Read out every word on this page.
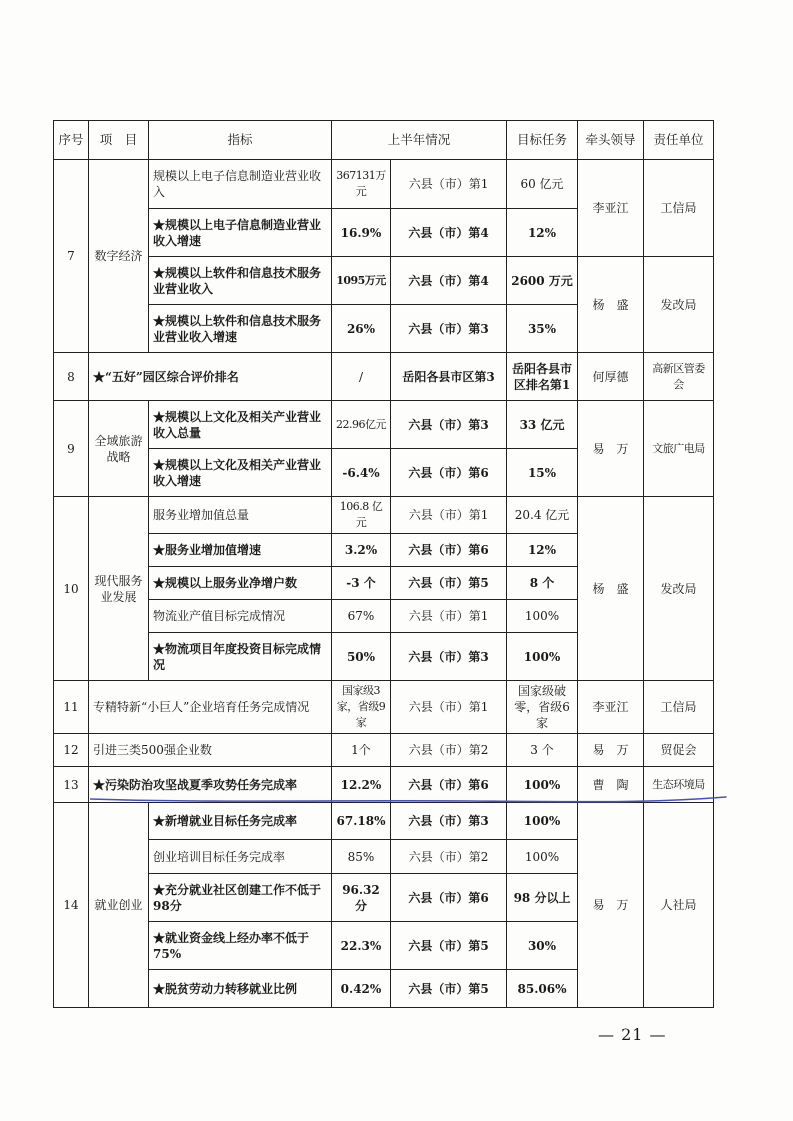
序号	项　目	指标	上半年情况		目标任务	牵头领导	责任单位
7	数字经济	规模以上电子信息制造业营业收入	367131万元	六县（市）第1	60 亿元	李亚江	工信局
		★规模以上电子信息制造业营业收入增速	16.9%	六县（市）第4	12%		
		★规模以上软件和信息技术服务业营业收入	1095万元	六县（市）第4	2600 万元	杨　盛	发改局
		★规模以上软件和信息技术服务业营业收入增速	26%	六县（市）第3	35%		
8	★“五好”园区综合评价排名		/	岳阳各县市区第3	岳阳各县市区排名第1	何厚德	高新区管委会
9	全域旅游战略	★规模以上文化及相关产业营业收入总量	22.96亿元	六县（市）第3	33 亿元	易　万	文旅广电局
		★规模以上文化及相关产业营业收入增速	-6.4%	六县（市）第6	15%		
10	现代服务业发展	服务业增加值总量	106.8 亿元	六县（市）第1	20.4 亿元	杨　盛	发改局
		★服务业增加值增速	3.2%	六县（市）第6	12%		
		★规模以上服务业净增户数	-3 个	六县（市）第5	8 个		
		物流业产值目标完成情况	67%	六县（市）第1	100%		
		★物流项目年度投资目标完成情况	50%	六县（市）第3	100%		
11	专精特新“小巨人”企业培育任务完成情况		国家级3家，省级9家	六县（市）第1	国家级破零，省级6家	李亚江	工信局
12	引进三类500强企业数		1个	六县（市）第2	3 个	易　万	贸促会
13	★污染防治攻坚战夏季攻势任务完成率		12.2%	六县（市）第6	100%	曹　陶	生态环境局
14	就业创业	★新增就业目标任务完成率	67.18%	六县（市）第3	100%	易　万	人社局
		创业培训目标任务完成率	85%	六县（市）第2	100%		
		★充分就业社区创建工作不低于98分	96.32 分	六县（市）第6	98 分以上		
		★就业资金线上经办率不低于75%	22.3%	六县（市）第5	30%		
		★脱贫劳动力转移就业比例	0.42%	六县（市）第5	85.06%		
— 21 —
